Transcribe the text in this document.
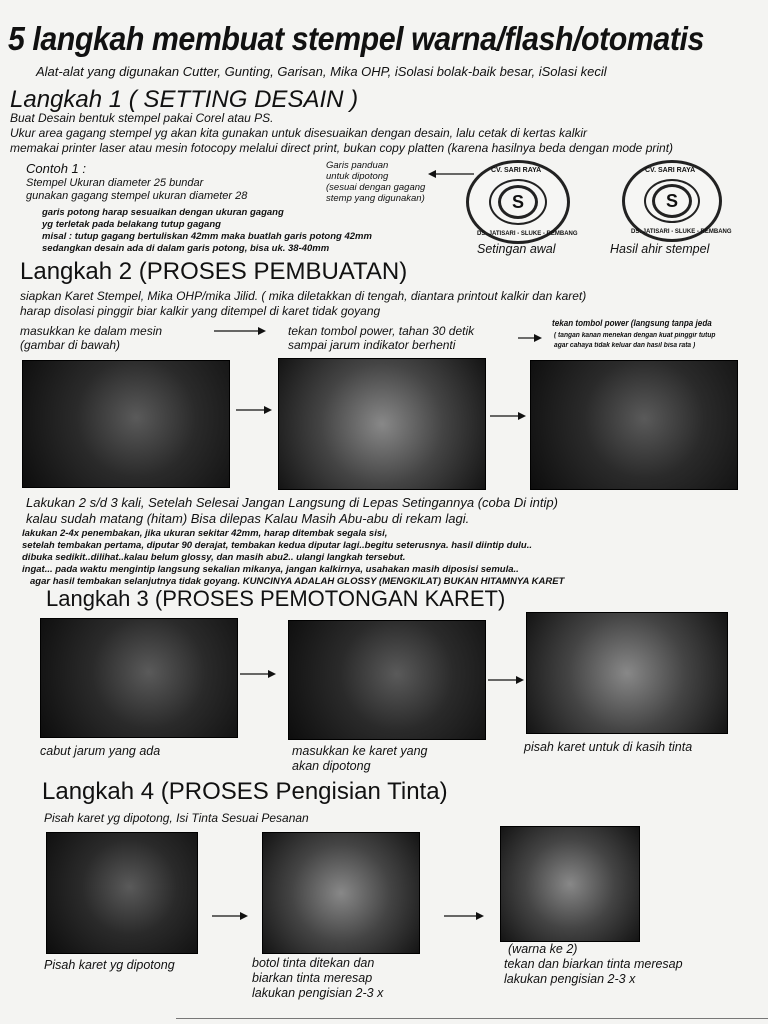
5 langkah membuat stempel warna/flash/otomatis
Alat-alat yang digunakan Cutter, Gunting, Garisan, Mika OHP, iSolasi bolak-baik besar, iSolasi kecil
Langkah 1 ( SETTING DESAIN )
Buat Desain bentuk stempel pakai Corel atau PS.
Ukur area gagang stempel yg akan kita gunakan untuk disesuaikan dengan desain, lalu cetak di kertas kalkir
memakai printer laser atau mesin fotocopy melalui direct print, bukan copy platten (karena hasilnya beda dengan mode print)
Contoh 1 :
Stempel Ukuran diameter 25 bundar
gunakan gagang stempel ukuran diameter 28
garis potong harap sesuaikan dengan ukuran gagang
yg terletak pada belakang tutup gagang
misal : tutup gagang bertuliskan 42mm maka buatlah garis potong 42mm
sedangkan desain ada di dalam garis potong, bisa uk. 38-40mm
Garis panduan
untuk dipotong
(sesuai dengan gagang
stemp yang digunakan)	S
CV. SARI RAYA
DS. JATISARI - SLUKE - REMBANG
Setingan awal
S
CV. SARI RAYA
DS. JATISARI - SLUKE - REMBANG
Hasil ahir stempel
Langkah 2 (PROSES PEMBUATAN)
siapkan Karet Stempel, Mika OHP/mika Jilid. ( mika diletakkan di tengah, diantara printout kalkir dan karet)
harap disolasi pinggir biar kalkir yang ditempel di karet tidak goyang
masukkan ke dalam mesin
(gambar di bawah)
tekan tombol power, tahan 30 detik
sampai jarum indikator berhenti
tekan tombol power (langsung tanpa jeda
( tangan kanan menekan dengan kuat pinggir tutup
agar cahaya tidak keluar dan hasil bisa rata )
Lakukan 2 s/d 3 kali, Setelah Selesai Jangan Langsung di Lepas Setingannya (coba Di intip)
kalau sudah matang (hitam) Bisa dilepas Kalau Masih Abu-abu di rekam lagi.
lakukan 2-4x penembakan, jika ukuran sekitar 42mm, harap ditembak segala sisi,
setelah tembakan pertama, diputar 90 derajat, tembakan kedua diputar lagi..begitu seterusnya. hasil diintip dulu..
dibuka sedikit..dilihat..kalau belum glossy, dan masih abu2.. ulangi langkah tersebut.
ingat... pada waktu mengintip langsung sekalian mikanya, jangan kalkirnya, usahakan masih diposisi semula..
agar hasil tembakan selanjutnya tidak goyang. KUNCINYA ADALAH GLOSSY (MENGKILAT) BUKAN HITAMNYA KARET
Langkah 3 (PROSES PEMOTONGAN KARET)
cabut jarum yang ada	masukkan ke karet yang
akan dipotong
pisah karet untuk di kasih tinta
Langkah 4 (PROSES Pengisian Tinta)
Pisah karet yg dipotong, Isi Tinta Sesuai Pesanan
Pisah karet yg dipotong	botol tinta ditekan dan
biarkan tinta meresap
lakukan pengisian 2-3 x
(warna ke 2)
tekan dan biarkan tinta meresap
lakukan pengisian 2-3 x
